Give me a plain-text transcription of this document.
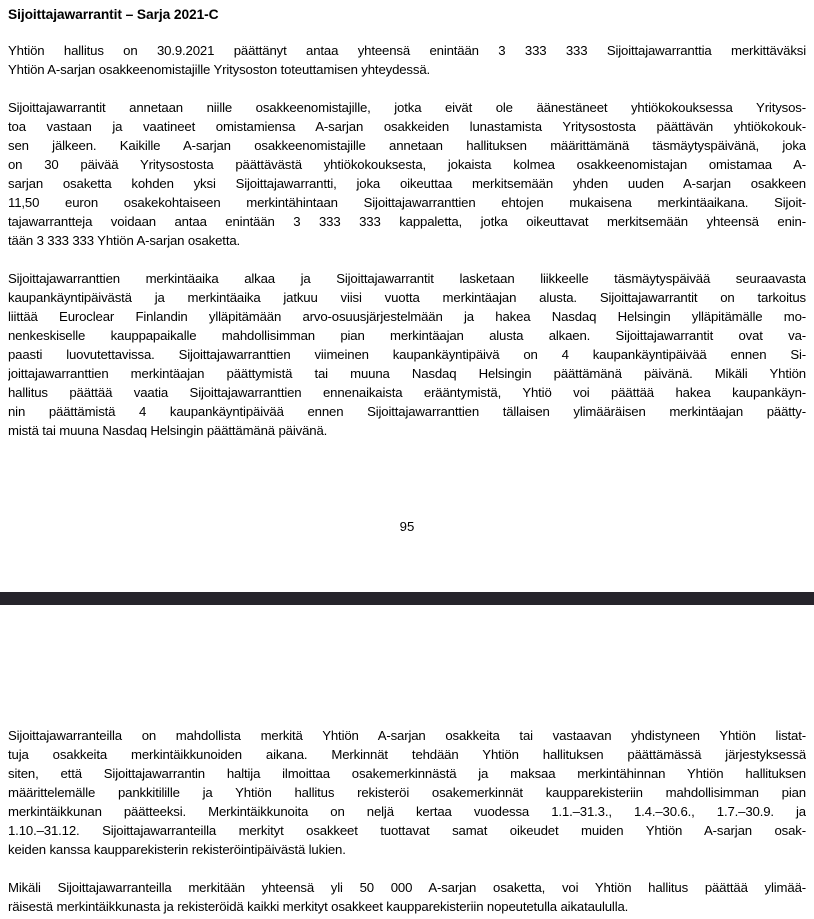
Sijoittajawarrantit – Sarja 2021-C
Yhtiön hallitus on 30.9.2021 päättänyt antaa yhteensä enintään 3 333 333 Sijoittajawarranttia merkittäväksi
Yhtiön A-sarjan osakkeenomistajille Yritysoston toteuttamisen yhteydessä.
Sijoittajawarrantit annetaan niille osakkeenomistajille, jotka eivät ole äänestäneet yhtiökokouksessa Yritysos-
toa vastaan ja vaatineet omistamiensa A-sarjan osakkeiden lunastamista Yritysostosta päättävän yhtiökokouk-
sen jälkeen. Kaikille A-sarjan osakkeenomistajille annetaan hallituksen määrittämänä täsmäytyspäivänä, joka
on 30 päivää Yritysostosta päättävästä yhtiökokouksesta, jokaista kolmea osakkeenomistajan omistamaa A-
sarjan osaketta kohden yksi Sijoittajawarrantti, joka oikeuttaa merkitsemään yhden uuden A-sarjan osakkeen
11,50 euron osakekohtaiseen merkintähintaan Sijoittajawarranttien ehtojen mukaisena merkintäaikana. Sijoit-
tajawarrantteja voidaan antaa enintään 3 333 333 kappaletta, jotka oikeuttavat merkitsemään yhteensä enin-
tään 3 333 333 Yhtiön A-sarjan osaketta.
Sijoittajawarranttien merkintäaika alkaa ja Sijoittajawarrantit lasketaan liikkeelle täsmäytyspäivää seuraavasta
kaupankäyntipäivästä ja merkintäaika jatkuu viisi vuotta merkintäajan alusta. Sijoittajawarrantit on tarkoitus
liittää Euroclear Finlandin ylläpitämään arvo-osuusjärjestelmään ja hakea Nasdaq Helsingin ylläpitämälle mo-
nenkeskiselle kauppapaikalle mahdollisimman pian merkintäajan alusta alkaen. Sijoittajawarrantit ovat va-
paasti luovutettavissa. Sijoittajawarranttien viimeinen kaupankäyntipäivä on 4 kaupankäyntipäivää ennen Si-
joittajawarranttien merkintäajan päättymistä tai muuna Nasdaq Helsingin päättämänä päivänä. Mikäli Yhtiön
hallitus päättää vaatia Sijoittajawarranttien ennenaikaista erääntymistä, Yhtiö voi päättää hakea kaupankäyn-
nin päättämistä 4 kaupankäyntipäivää ennen Sijoittajawarranttien tällaisen ylimääräisen merkintäajan päätty-
mistä tai muuna Nasdaq Helsingin päättämänä päivänä.
95
Sijoittajawarranteilla on mahdollista merkitä Yhtiön A-sarjan osakkeita tai vastaavan yhdistyneen Yhtiön listat-
tuja osakkeita merkintäikkunoiden aikana. Merkinnät tehdään Yhtiön hallituksen päättämässä järjestyksessä
siten, että Sijoittajawarrantin haltija ilmoittaa osakemerkinnästä ja maksaa merkintähinnan Yhtiön hallituksen
määrittelemälle pankkitilille ja Yhtiön hallitus rekisteröi osakemerkinnät kaupparekisteriin mahdollisimman pian
merkintäikkunan päätteeksi. Merkintäikkunoita on neljä kertaa vuodessa 1.1.–31.3., 1.4.–30.6., 1.7.–30.9. ja
1.10.–31.12. Sijoittajawarranteilla merkityt osakkeet tuottavat samat oikeudet muiden Yhtiön A-sarjan osak-
keiden kanssa kaupparekisterin rekisteröintipäivästä lukien.
Mikäli Sijoittajawarranteilla merkitään yhteensä yli 50 000 A-sarjan osaketta, voi Yhtiön hallitus päättää ylimää-
räisestä merkintäikkunasta ja rekisteröidä kaikki merkityt osakkeet kaupparekisteriin nopeutetulla aikataululla.
